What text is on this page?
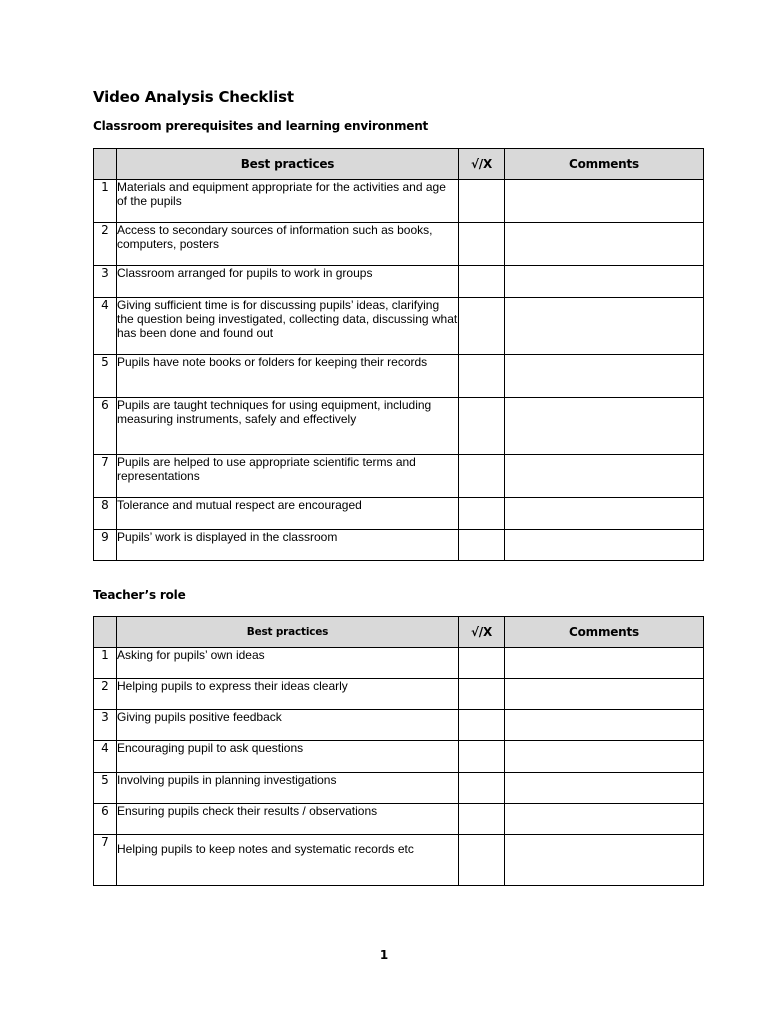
Video Analysis Checklist
Classroom prerequisites and learning environment
	Best practices	√/X	Comments
1	Materials and equipment appropriate for the activities and age of the pupils		
2	Access to secondary sources of information such as books, computers, posters		
3	Classroom arranged for pupils to work in groups		
4	Giving sufficient time is for discussing pupils’ ideas, clarifying the question being investigated, collecting data, discussing what has been done and found out		
5	Pupils have note books or folders for keeping their records		
6	Pupils are taught techniques for using equipment, including measuring instruments, safely and effectively		
7	Pupils are helped to use appropriate scientific terms and representations		
8	Tolerance and mutual respect are encouraged		
9	Pupils’ work is displayed in the classroom		
Teacher’s role
	Best practices	√/X	Comments
1	Asking for pupils’ own ideas		
2	Helping pupils to express their ideas clearly		
3	Giving pupils positive feedback		
4	Encouraging pupil to ask questions		
5	Involving pupils in planning investigations		
6	Ensuring pupils check their results / observations		
7	Helping pupils to keep notes and systematic records etc		
1
